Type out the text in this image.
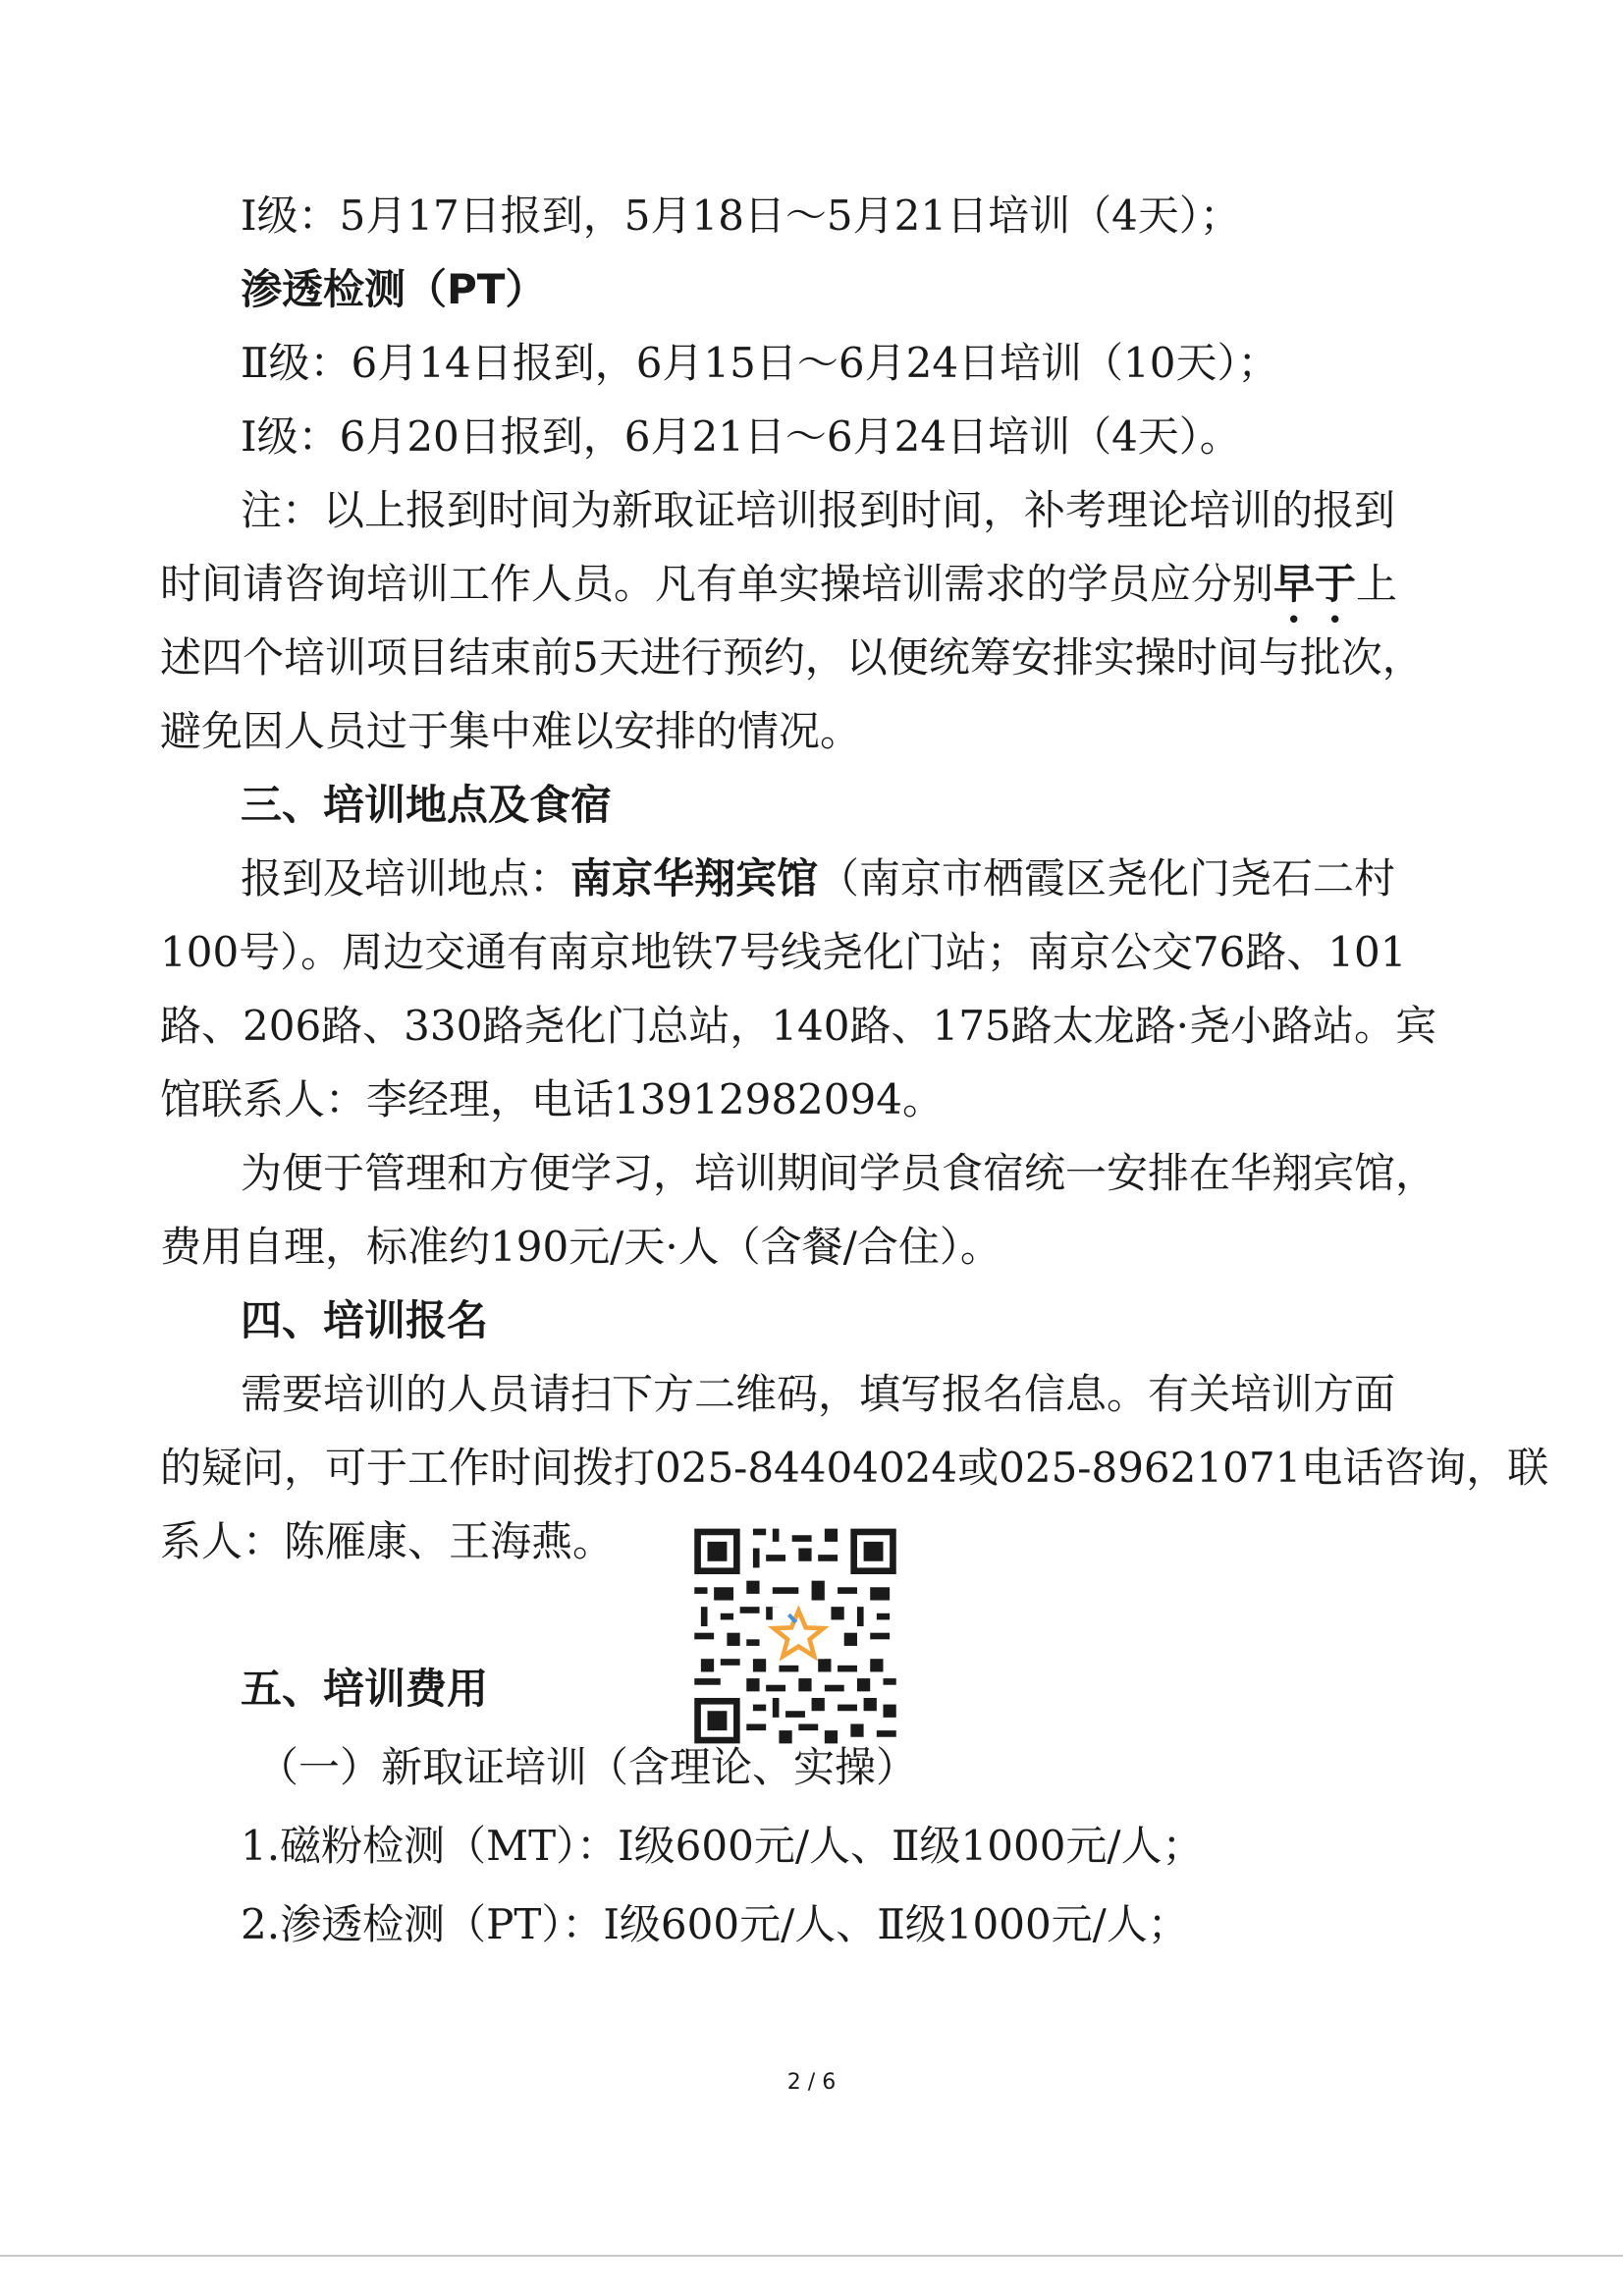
Ⅰ级：5月17日报到，5月18日～5月21日培训（4天）；
渗透检测（PT）
Ⅱ级：6月14日报到，6月15日～6月24日培训（10天）；
Ⅰ级：6月20日报到，6月21日～6月24日培训（4天）。
注：以上报到时间为新取证培训报到时间，补考理论培训的报到
时间请咨询培训工作人员。凡有单实操培训需求的学员应分别早于上
述四个培训项目结束前5天进行预约，以便统筹安排实操时间与批次，
避免因人员过于集中难以安排的情况。
三、培训地点及食宿
报到及培训地点：南京华翔宾馆（南京市栖霞区尧化门尧石二村
100号）。周边交通有南京地铁7号线尧化门站；南京公交76路、101
路、206路、330路尧化门总站，140路、175路太龙路·尧小路站。宾
馆联系人：李经理，电话13912982094。
为便于管理和方便学习，培训期间学员食宿统一安排在华翔宾馆，
费用自理，标准约190元/天·人（含餐/合住）。
四、培训报名
需要培训的人员请扫下方二维码，填写报名信息。有关培训方面
的疑问，可于工作时间拨打025-84404024或025-89621071电话咨询，联
系人：陈雁康、王海燕。
五、培训费用
（一）新取证培训（含理论、实操）
1.磁粉检测（MT）：Ⅰ级600元/人、Ⅱ级1000元/人；
2.渗透检测（PT）：Ⅰ级600元/人、Ⅱ级1000元/人；
2 / 6
